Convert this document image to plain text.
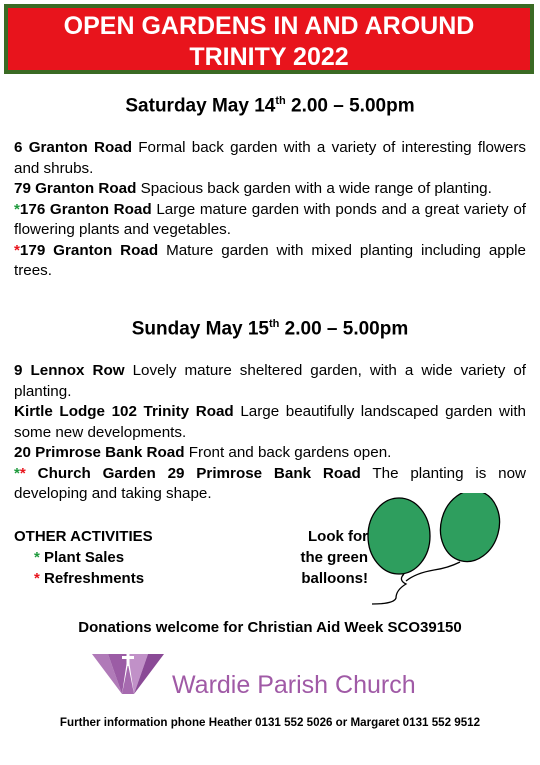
OPEN GARDENS IN AND AROUND
TRINITY 2022
Saturday May 14th 2.00 – 5.00pm

6 Granton Road Formal back garden with a variety of interesting flowers and shrubs.

79 Granton Road Spacious back garden with a wide range of planting.

*176 Granton Road Large mature garden with ponds and a great variety of flowering plants and vegetables.

*179 Granton Road Mature garden with mixed planting including apple trees.

Sunday May 15th 2.00 – 5.00pm

9 Lennox Row Lovely mature sheltered garden, with a wide variety of planting.

Kirtle Lodge 102 Trinity Road Large beautifully landscaped garden with some new developments.

20 Primrose Bank Road Front and back gardens open.

** Church Garden 29 Primrose Bank Road The planting is now developing and taking shape.

OTHER ACTIVITIES
* Plant Sales
* Refreshments
Look for
the green
balloons!
Donations welcome for Christian Aid Week SCO39150
Wardie Parish Church
Further information phone Heather 0131 552 5026 or Margaret 0131 552 9512
